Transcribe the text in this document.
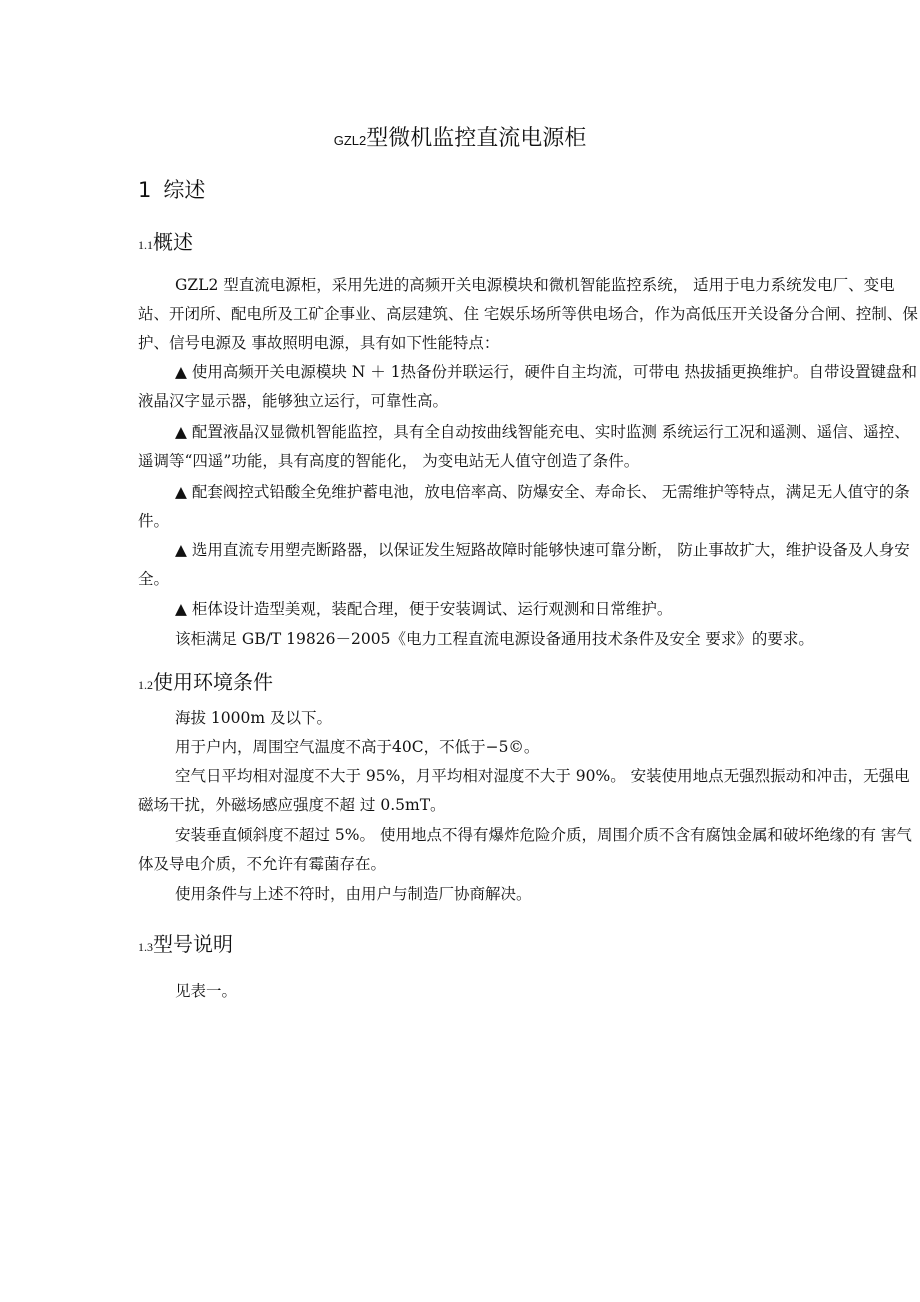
GZL2型微机监控直流电源柜
1 综述
1.1概述
GZL2 型直流电源柜，采用先进的高频开关电源模块和微机智能监控系统， 适用于电力系统发电厂、变电站、开闭所、配电所及工矿企事业、高层建筑、住 宅娱乐场所等供电场合，作为高低压开关设备分合闸、控制、保护、信号电源及 事故照明电源，具有如下性能特点：
▲ 使用高频开关电源模块 N ＋ 1热备份并联运行，硬件自主均流，可带电 热拔插更换维护。自带设置键盘和液晶汉字显示器，能够独立运行，可靠性高。
▲ 配置液晶汉显微机智能监控，具有全自动按曲线智能充电、实时监测 系统运行工况和遥测、遥信、遥控、遥调等“四遥”功能，具有高度的智能化， 为变电站无人值守创造了条件。
▲ 配套阀控式铅酸全免维护蓄电池，放电倍率高、防爆安全、寿命长、 无需维护等特点，满足无人值守的条件。
▲ 选用直流专用塑壳断路器，以保证发生短路故障时能够快速可靠分断， 防止事故扩大，维护设备及人身安全。
▲ 柜体设计造型美观，装配合理，便于安装调试、运行观测和日常维护。
该柜满足 GB/T 19826－2005《电力工程直流电源设备通用技术条件及安全 要求》的要求。
1.2使用环境条件
海拔 1000m 及以下。
用于户内，周围空气温度不高于40C，不低于−5©。
空气日平均相对湿度不大于 95%，月平均相对湿度不大于 90%。 安装使用地点无强烈振动和冲击，无强电磁场干扰，外磁场感应强度不超 过 0.5mT。
安装垂直倾斜度不超过 5%。 使用地点不得有爆炸危险介质，周围介质不含有腐蚀金属和破坏绝缘的有 害气体及导电介质，不允许有霉菌存在。
使用条件与上述不符时，由用户与制造厂协商解决。
1.3型号说明
见表一。
